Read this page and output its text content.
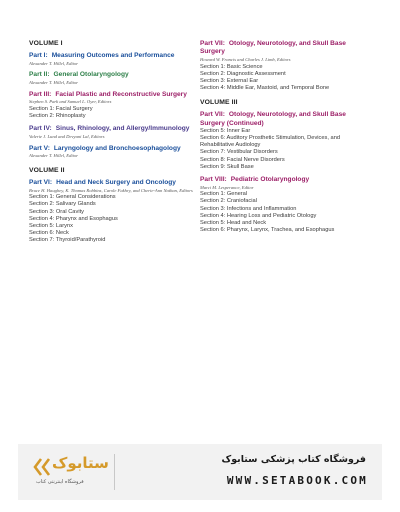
VOLUME I
Part I: Measuring Outcomes and Performance
Alexander T. Hillel, Editor
Part II: General Otolaryngology
Alexander T. Hillel, Editor
Part III: Facial Plastic and Reconstructive Surgery
Stephen S. Park and Samuel L. Oyer, Editors
Section 1: Facial Surgery
Section 2: Rhinoplasty
Part IV: Sinus, Rhinology, and Allergy/Immunology
Valerie J. Lund and Devyani Lal, Editors
Part V: Laryngology and Bronchoesophagology
Alexander T. Hillel, Editor
VOLUME II
Part VI: Head and Neck Surgery and Oncology
Bruce H. Haughey, K. Thomas Robbins, Carole Fakhry, and Cherie-Ann Nathan, Editors
Section 1: General Considerations
Section 2: Salivary Glands
Section 3: Oral Cavity
Section 4: Pharynx and Esophagus
Section 5: Larynx
Section 6: Neck
Section 7: Thyroid/Parathyroid
Part VII: Otology, Neurotology, and Skull Base Surgery
Howard W. Francis and Charles J. Limb, Editors
Section 1: Basic Science
Section 2: Diagnostic Assessment
Section 3: External Ear
Section 4: Middle Ear, Mastoid, and Temporal Bone
VOLUME III
Part VII: Otology, Neurotology, and Skull Base Surgery (Continued)
Section 5: Inner Ear
Section 6: Auditory Prosthetic Stimulation, Devices, and Rehabilitative Audiology
Section 7: Vestibular Disorders
Section 8: Facial Nerve Disorders
Section 9: Skull Base
Part VIII: Pediatric Otolaryngology
Marci M. Lesperance, Editor
Section 1: General
Section 2: Craniofacial
Section 3: Infections and Inflammation
Section 4: Hearing Loss and Pediatric Otology
Section 5: Head and Neck
Section 6: Pharynx, Larynx, Trachea, and Esophagus
ستابوک
فروشگاه اینترنتی کتاب
فروشگاه کتاب پزشکی ستابوک
WWW.SETABOOK.COM
